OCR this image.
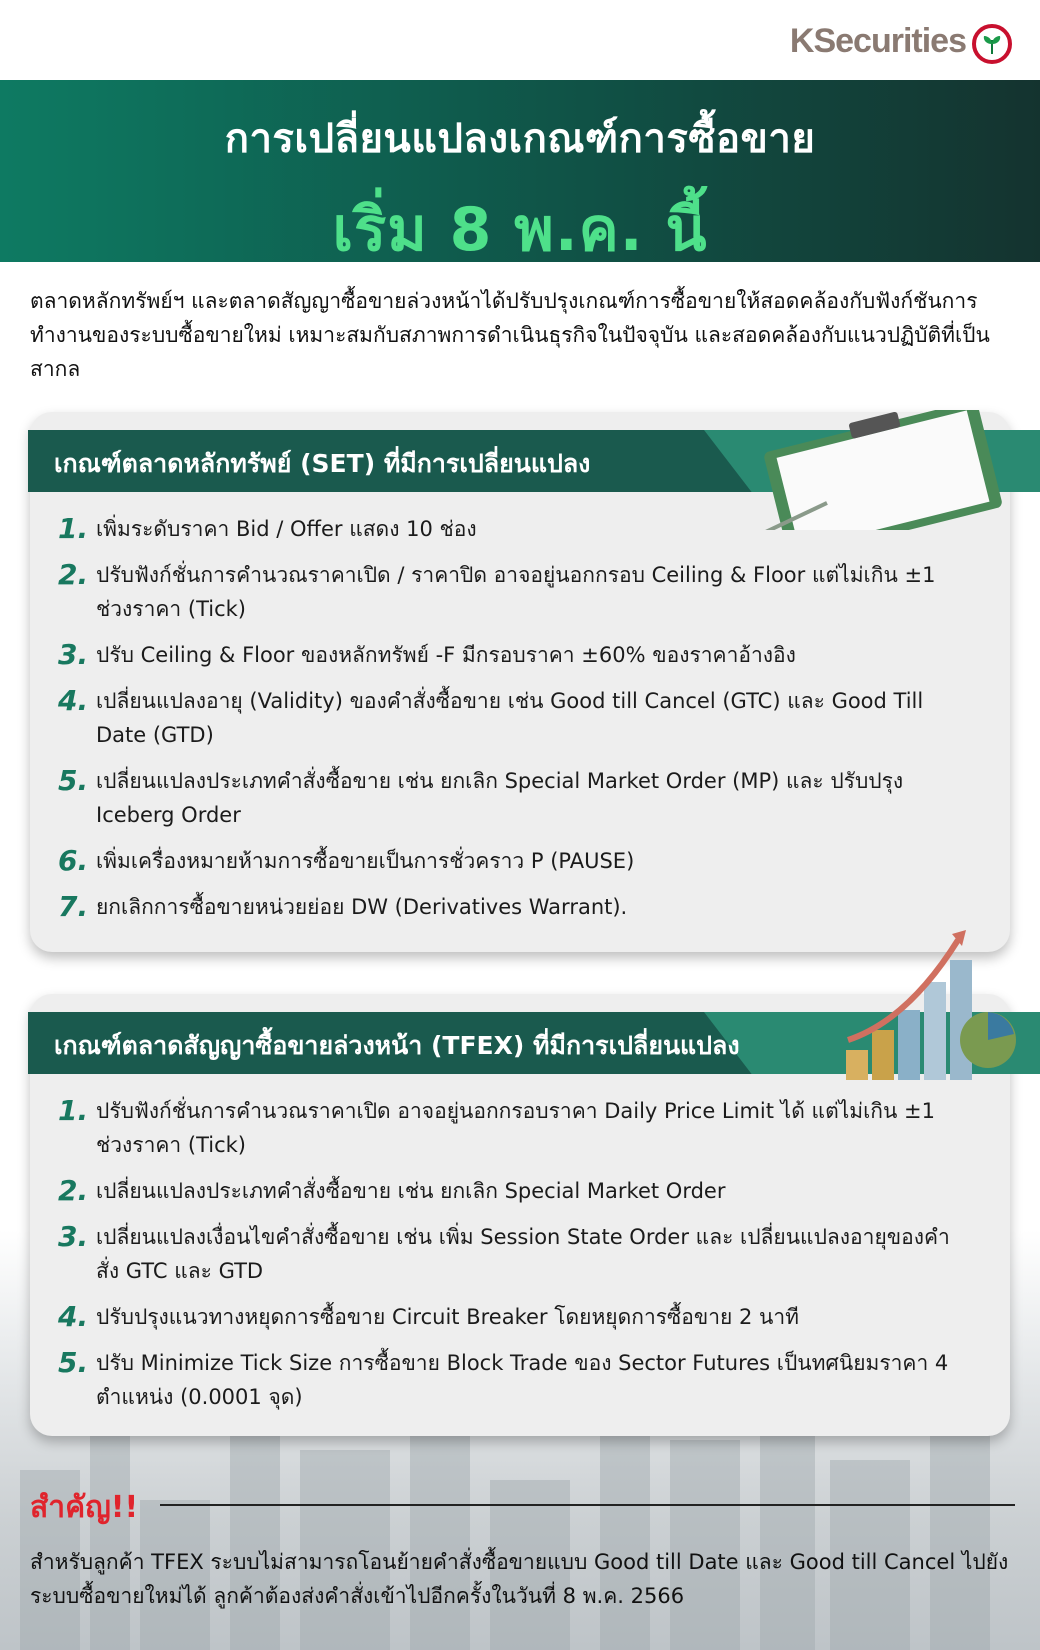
KSecurities
การเปลี่ยนแปลงเกณฑ์การซื้อขาย
เริ่ม 8 พ.ค. นี้
ตลาดหลักทรัพย์ฯ และตลาดสัญญาซื้อขายล่วงหน้าได้ปรับปรุงเกณฑ์การซื้อขายให้สอดคล้องกับฟังก์ชันการทำงานของระบบซื้อขายใหม่ เหมาะสมกับสภาพการดำเนินธุรกิจในปัจจุบัน และสอดคล้องกับแนวปฏิบัติที่เป็นสากล
เกณฑ์ตลาดหลักทรัพย์ (SET) ที่มีการเปลี่ยนแปลง
1. เพิ่มระดับราคา Bid / Offer แสดง 10 ช่อง
2. ปรับฟังก์ชั่นการคำนวณราคาเปิด / ราคาปิด อาจอยู่นอกกรอบ Ceiling & Floor แต่ไม่เกิน ±1 ช่วงราคา (Tick)
3. ปรับ Ceiling & Floor ของหลักทรัพย์ -F มีกรอบราคา ±60% ของราคาอ้างอิง
4. เปลี่ยนแปลงอายุ (Validity) ของคำสั่งซื้อขาย เช่น Good till Cancel (GTC) และ Good Till Date (GTD)
5. เปลี่ยนแปลงประเภทคำสั่งซื้อขาย เช่น ยกเลิก Special Market Order (MP) และ ปรับปรุง Iceberg Order
6. เพิ่มเครื่องหมายห้ามการซื้อขายเป็นการชั่วคราว P (PAUSE)
7. ยกเลิกการซื้อขายหน่วยย่อย DW (Derivatives Warrant).
เกณฑ์ตลาดสัญญาซื้อขายล่วงหน้า (TFEX) ที่มีการเปลี่ยนแปลง
1. ปรับฟังก์ชั่นการคำนวณราคาเปิด อาจอยู่นอกกรอบราคา Daily Price Limit ได้ แต่ไม่เกิน ±1 ช่วงราคา (Tick)
2. เปลี่ยนแปลงประเภทคำสั่งซื้อขาย เช่น ยกเลิก Special Market Order
3. เปลี่ยนแปลงเงื่อนไขคำสั่งซื้อขาย เช่น เพิ่ม Session State Order และ เปลี่ยนแปลงอายุของคำสั่ง GTC และ GTD
4. ปรับปรุงแนวทางหยุดการซื้อขาย Circuit Breaker โดยหยุดการซื้อขาย 2 นาที
5. ปรับ Minimize Tick Size การซื้อขาย Block Trade ของ Sector Futures เป็นทศนิยมราคา 4 ตำแหน่ง (0.0001 จุด)
สำคัญ!!
สำหรับลูกค้า TFEX ระบบไม่สามารถโอนย้ายคำสั่งซื้อขายแบบ Good till Date และ Good till Cancel ไปยังระบบซื้อขายใหม่ได้ ลูกค้าต้องส่งคำสั่งเข้าไปอีกครั้งในวันที่ 8 พ.ค. 2566
